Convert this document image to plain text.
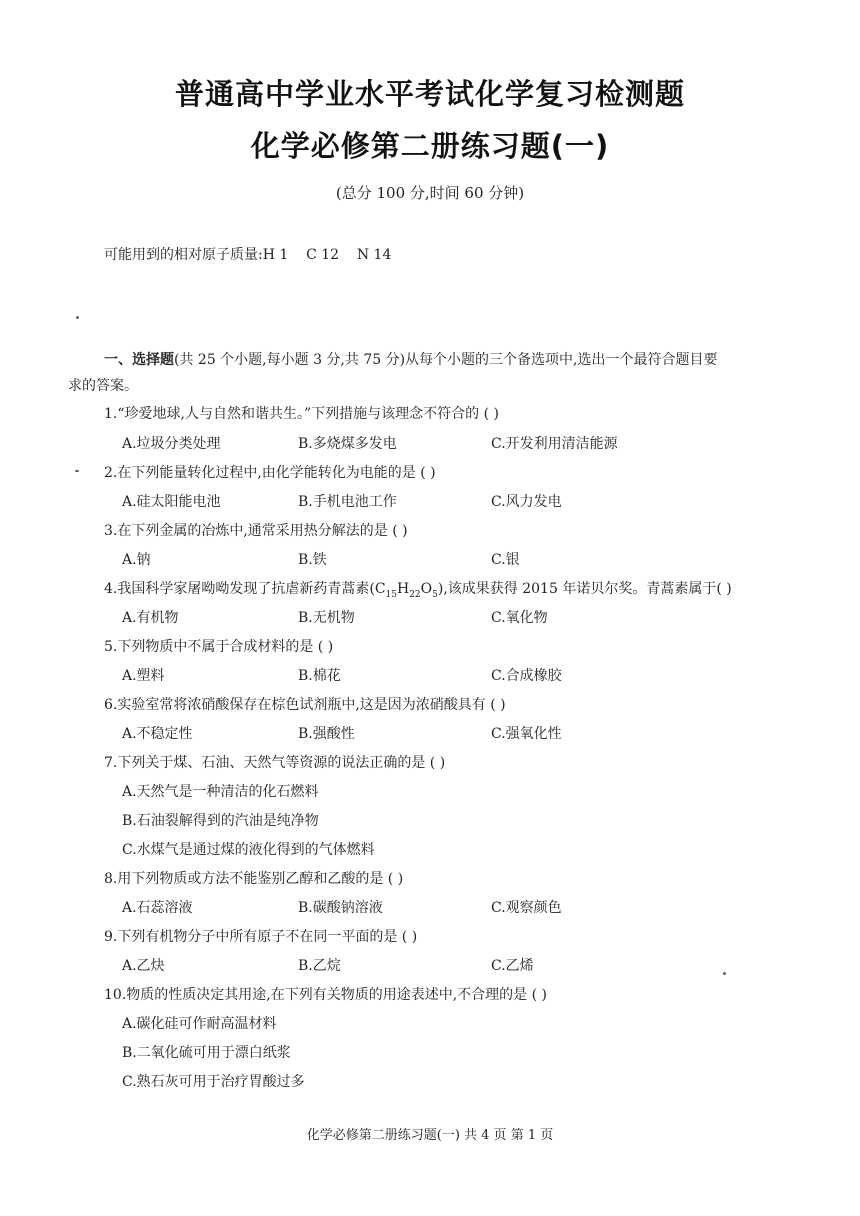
普通高中学业水平考试化学复习检测题
化学必修第二册练习题(一)
(总分 100 分,时间 60 分钟)
可能用到的相对原子质量:H 1    C 12    N 14
一、选择题(共 25 个小题,每小题 3 分,共 75 分)从每个小题的三个备选项中,选出一个最符合题目要
求的答案。
1.“珍爱地球,人与自然和谐共生。”下列措施与该理念不符合的 ( )
A.垃圾分类处理	B.多烧煤多发电	C.开发利用清洁能源
2.在下列能量转化过程中,由化学能转化为电能的是 ( )
A.硅太阳能电池	B.手机电池工作	C.风力发电
3.在下列金属的冶炼中,通常采用热分解法的是 ( )
A.钠	B.铁	C.银
4.我国科学家屠呦呦发现了抗虐新药青蒿素$(C_{15}H_{22}O_5)$,该成果获得 2015 年诺贝尔奖。青蒿素属于( )
A.有机物	B.无机物	C.氧化物
5.下列物质中不属于合成材料的是 ( )
A.塑料	B.棉花	C.合成橡胶
6.实验室常将浓硝酸保存在棕色试剂瓶中,这是因为浓硝酸具有 ( )
A.不稳定性	B.强酸性	C.强氧化性
7.下列关于煤、石油、天然气等资源的说法正确的是 ( )
A.天然气是一种清洁的化石燃料
B.石油裂解得到的汽油是纯净物
C.水煤气是通过煤的液化得到的气体燃料
8.用下列物质或方法不能鉴别乙醇和乙酸的是 ( )
A.石蕊溶液	B.碳酸钠溶液	C.观察颜色
9.下列有机物分子中所有原子不在同一平面的是 ( )
A.乙炔	B.乙烷	C.乙烯
10.物质的性质决定其用途,在下列有关物质的用途表述中,不合理的是 ( )
A.碳化硅可作耐高温材料
B.二氧化硫可用于漂白纸浆
C.熟石灰可用于治疗胃酸过多
化学必修第二册练习题(一) 共 4 页 第 1 页
